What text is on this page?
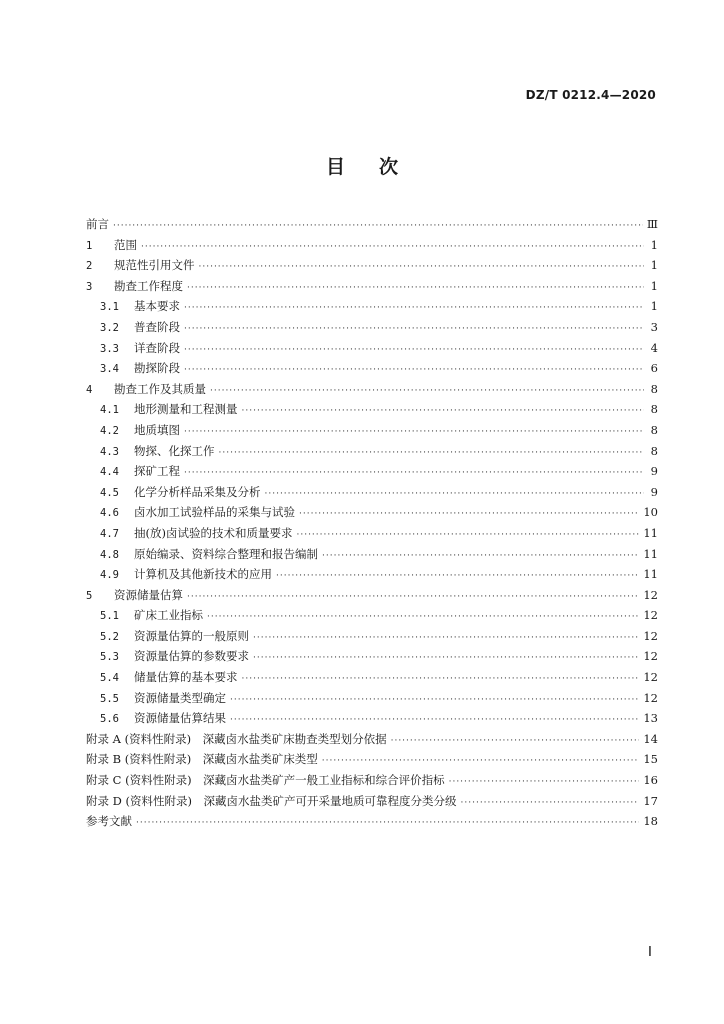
DZ/T 0212.4—2020
目次
前言 ·····	Ⅲ
1	范围 ·····	1
2	规范性引用文件 ·····	1
3	勘查工作程度 ·····	1
3.1	基本要求 ·····	1
3.2	普查阶段 ·····	3
3.3	详查阶段 ·····	4
3.4	勘探阶段 ·····	6
4	勘查工作及其质量 ·····	8
4.1	地形测量和工程测量 ·····	8
4.2	地质填图 ·····	8
4.3	物探、化探工作 ·····	8
4.4	探矿工程 ·····	9
4.5	化学分析样品采集及分析 ·····	9
4.6	卤水加工试验样品的采集与试验 ·····	10
4.7	抽(放)卤试验的技术和质量要求 ·····	11
4.8	原始编录、资料综合整理和报告编制 ·····	11
4.9	计算机及其他新技术的应用 ·····	11
5	资源储量估算 ·····	12
5.1	矿床工业指标 ·····	12
5.2	资源量估算的一般原则 ·····	12
5.3	资源量估算的参数要求 ·····	12
5.4	储量估算的基本要求 ·····	12
5.5	资源储量类型确定 ·····	12
5.6	资源储量估算结果 ·····	13
附录 A (资料性附录)　深藏卤水盐类矿床勘查类型划分依据 ·····	14
附录 B (资料性附录)　深藏卤水盐类矿床类型 ·····	15
附录 C (资料性附录)　深藏卤水盐类矿产一般工业指标和综合评价指标 ·····	16
附录 D (资料性附录)　深藏卤水盐类矿产可开采量地质可靠程度分类分级 ·····	17
参考文献 ·····	18
Ⅰ
